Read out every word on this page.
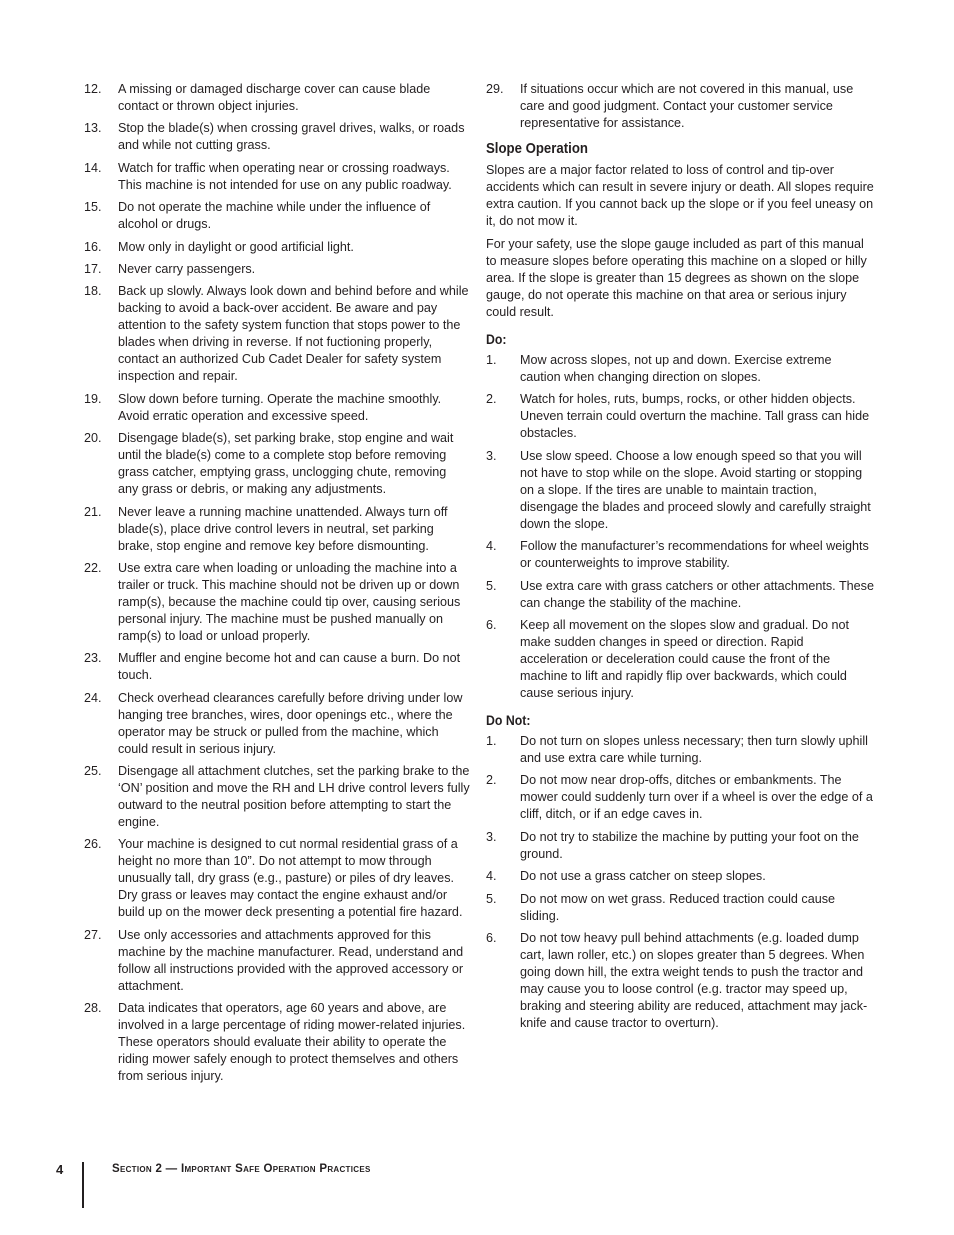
12.	A missing or damaged discharge cover can cause blade contact or thrown object injuries.
13.	Stop the blade(s) when crossing gravel drives, walks, or roads and while not cutting grass.
14.	Watch for traffic when operating near or crossing roadways. This machine is not intended for use on any public roadway.
15.	Do not operate the machine while under the influence of alcohol or drugs.
16.	Mow only in daylight or good artificial light.
17.	Never carry passengers.
18.	Back up slowly. Always look down and behind before and while backing to avoid a back-over accident. Be aware and pay attention to the safety system function that stops power to the blades when driving in reverse. If not fuctioning properly, contact an authorized Cub Cadet Dealer for safety system inspection and repair.
19.	Slow down before turning. Operate the machine smoothly. Avoid erratic operation and excessive speed.
20.	Disengage blade(s), set parking brake, stop engine and wait until the blade(s) come to a complete stop before removing grass catcher, emptying grass, unclogging chute, removing any grass or debris, or making any adjustments.
21.	Never leave a running machine unattended. Always turn off blade(s), place drive control levers in neutral, set parking brake, stop engine and remove key before dismounting.
22.	Use extra care when loading or unloading the machine into a trailer or truck. This machine should not be driven up or down ramp(s), because the machine could tip over, causing serious personal injury. The machine must be pushed manually on ramp(s) to load or unload properly.
23.	Muffler and engine become hot and can cause a burn. Do not touch.
24.	Check overhead clearances carefully before driving under low hanging tree branches, wires, door openings etc., where the operator may be struck or pulled from the machine, which could result in serious injury.
25.	Disengage all attachment clutches, set the parking brake to the ‘ON’ position and move the RH and LH drive control levers fully outward to the neutral position before attempting to start the engine.
26.	Your machine is designed to cut normal residential grass of a height no more than 10”. Do not attempt to mow through unusually tall, dry grass (e.g., pasture) or piles of dry leaves. Dry grass or leaves may contact the engine exhaust and/or build up on the mower deck presenting a potential fire hazard.
27.	Use only accessories and attachments approved for this machine by the machine manufacturer. Read, understand and follow all instructions provided with the approved accessory or attachment.
28.	Data indicates that operators, age 60 years and above, are involved in a large percentage of riding mower-related injuries. These operators should evaluate their ability to operate the riding mower safely enough to protect themselves and others from serious injury.
29.	If situations occur which are not covered in this manual, use care and good judgment. Contact your customer service representative for assistance.
Slope Operation

Slopes are a major factor related to loss of control and tip-over accidents which can result in severe injury or death. All slopes require extra caution. If you cannot back up the slope or if you feel uneasy on it, do not mow it.

For your safety, use the slope gauge included as part of this manual to measure slopes before operating this machine on a sloped or hilly area. If the slope is greater than 15 degrees as shown on the slope gauge, do not operate this machine on that area or serious injury could result.

Do:
1.	Mow across slopes, not up and down. Exercise extreme caution when changing direction on slopes.
2.	Watch for holes, ruts, bumps, rocks, or other hidden objects. Uneven terrain could overturn the machine. Tall grass can hide obstacles.
3.	Use slow speed. Choose a low enough speed so that you will not have to stop while on the slope. Avoid starting or stopping on a slope. If the tires are unable to maintain traction, disengage the blades and proceed slowly and carefully straight down the slope.
4.	Follow the manufacturer’s recommendations for wheel weights or counterweights to improve stability.
5.	Use extra care with grass catchers or other attachments. These can change the stability of the machine.
6.	Keep all movement on the slopes slow and gradual. Do not make sudden changes in speed or direction. Rapid acceleration or deceleration could cause the front of the machine to lift and rapidly flip over backwards, which could cause serious injury.
Do Not:
1.	Do not turn on slopes unless necessary; then turn slowly uphill and use extra care while turning.
2.	Do not mow near drop-offs, ditches or embankments. The mower could suddenly turn over if a wheel is over the edge of a cliff, ditch, or if an edge caves in.
3.	Do not try to stabilize the machine by putting your foot on the ground.
4.	Do not use a grass catcher on steep slopes.
5.	Do not mow on wet grass. Reduced traction could cause sliding.
6.	Do not tow heavy pull behind attachments (e.g. loaded dump cart, lawn roller, etc.) on slopes greater than 5 degrees. When going down hill, the extra weight tends to push the tractor and may cause you to loose control (e.g. tractor may speed up, braking and steering ability are reduced, attachment may jack-knife and cause tractor to overturn).
4	Section 2 — Important Safe Operation Practices
